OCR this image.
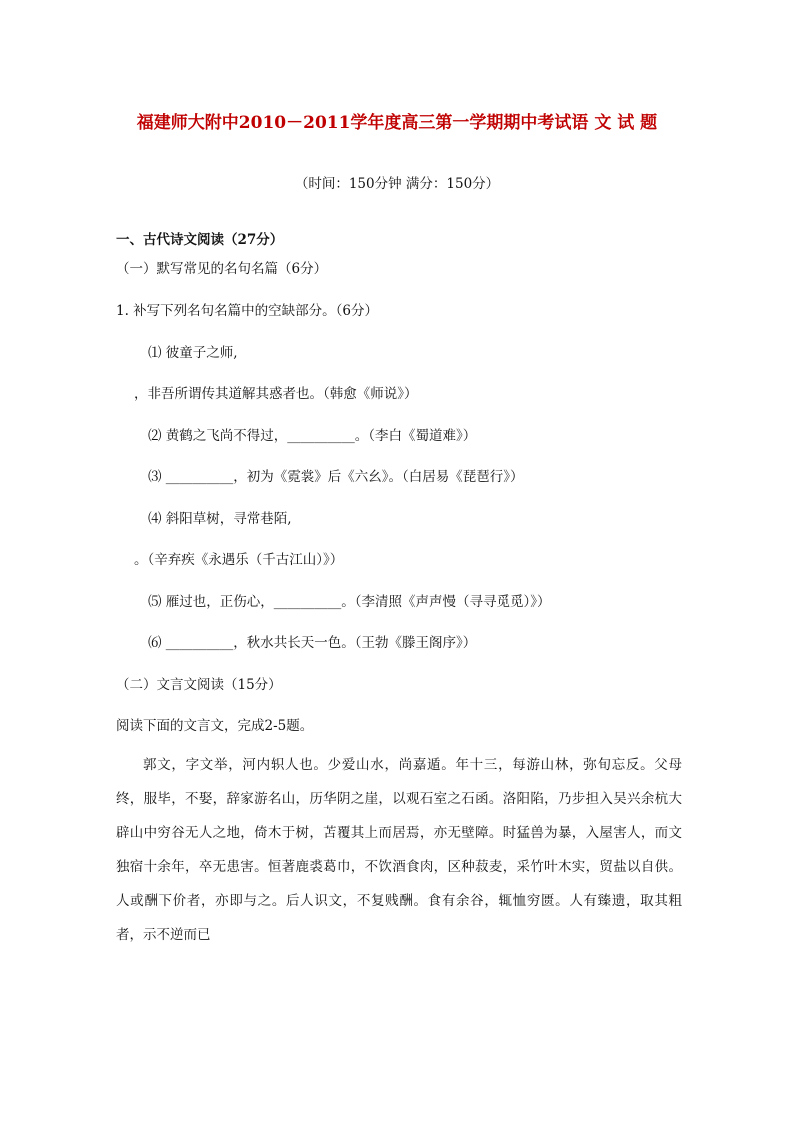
福建师大附中2010－2011学年度高三第一学期期中考试语 文 试 题
（时间：150分钟 满分：150分）
一、古代诗文阅读（27分）
（一）默写常见的名句名篇（6分）
1. 补写下列名句名篇中的空缺部分。（6分）
⑴ 彼童子之师,
，非吾所谓传其道解其惑者也。（韩愈《师说》）
⑵ 黄鹤之飞尚不得过，__________。（李白《蜀道难》）
⑶ __________，初为《霓裳》后《六幺》。（白居易《琵琶行》）
⑷ 斜阳草树，寻常巷陌,
。（辛弃疾《永遇乐（千古江山）》）
⑸ 雁过也，正伤心，__________。（李清照《声声慢（寻寻觅觅）》）
⑹ __________，秋水共长天一色。（王勃《滕王阁序》）
（二）文言文阅读（15分）
阅读下面的文言文，完成2-5题。
郭文，字文举，河内轵人也。少爱山水，尚嘉遁。年十三，每游山林，弥旬忘反。父母终，服毕，不娶，辞家游名山，历华阴之崖，以观石室之石函。洛阳陷，乃步担入吴兴余杭大辟山中穷谷无人之地，倚木于树，苫覆其上而居焉，亦无壁障。时猛兽为暴，入屋害人，而文独宿十余年，卒无患害。恒著鹿裘葛巾，不饮酒食肉，区种菽麦，采竹叶木实，贸盐以自供。人或酬下价者，亦即与之。后人识文，不复贱酬。食有余谷，辄恤穷匮。人有臻遗，取其粗者，示不逆而已
